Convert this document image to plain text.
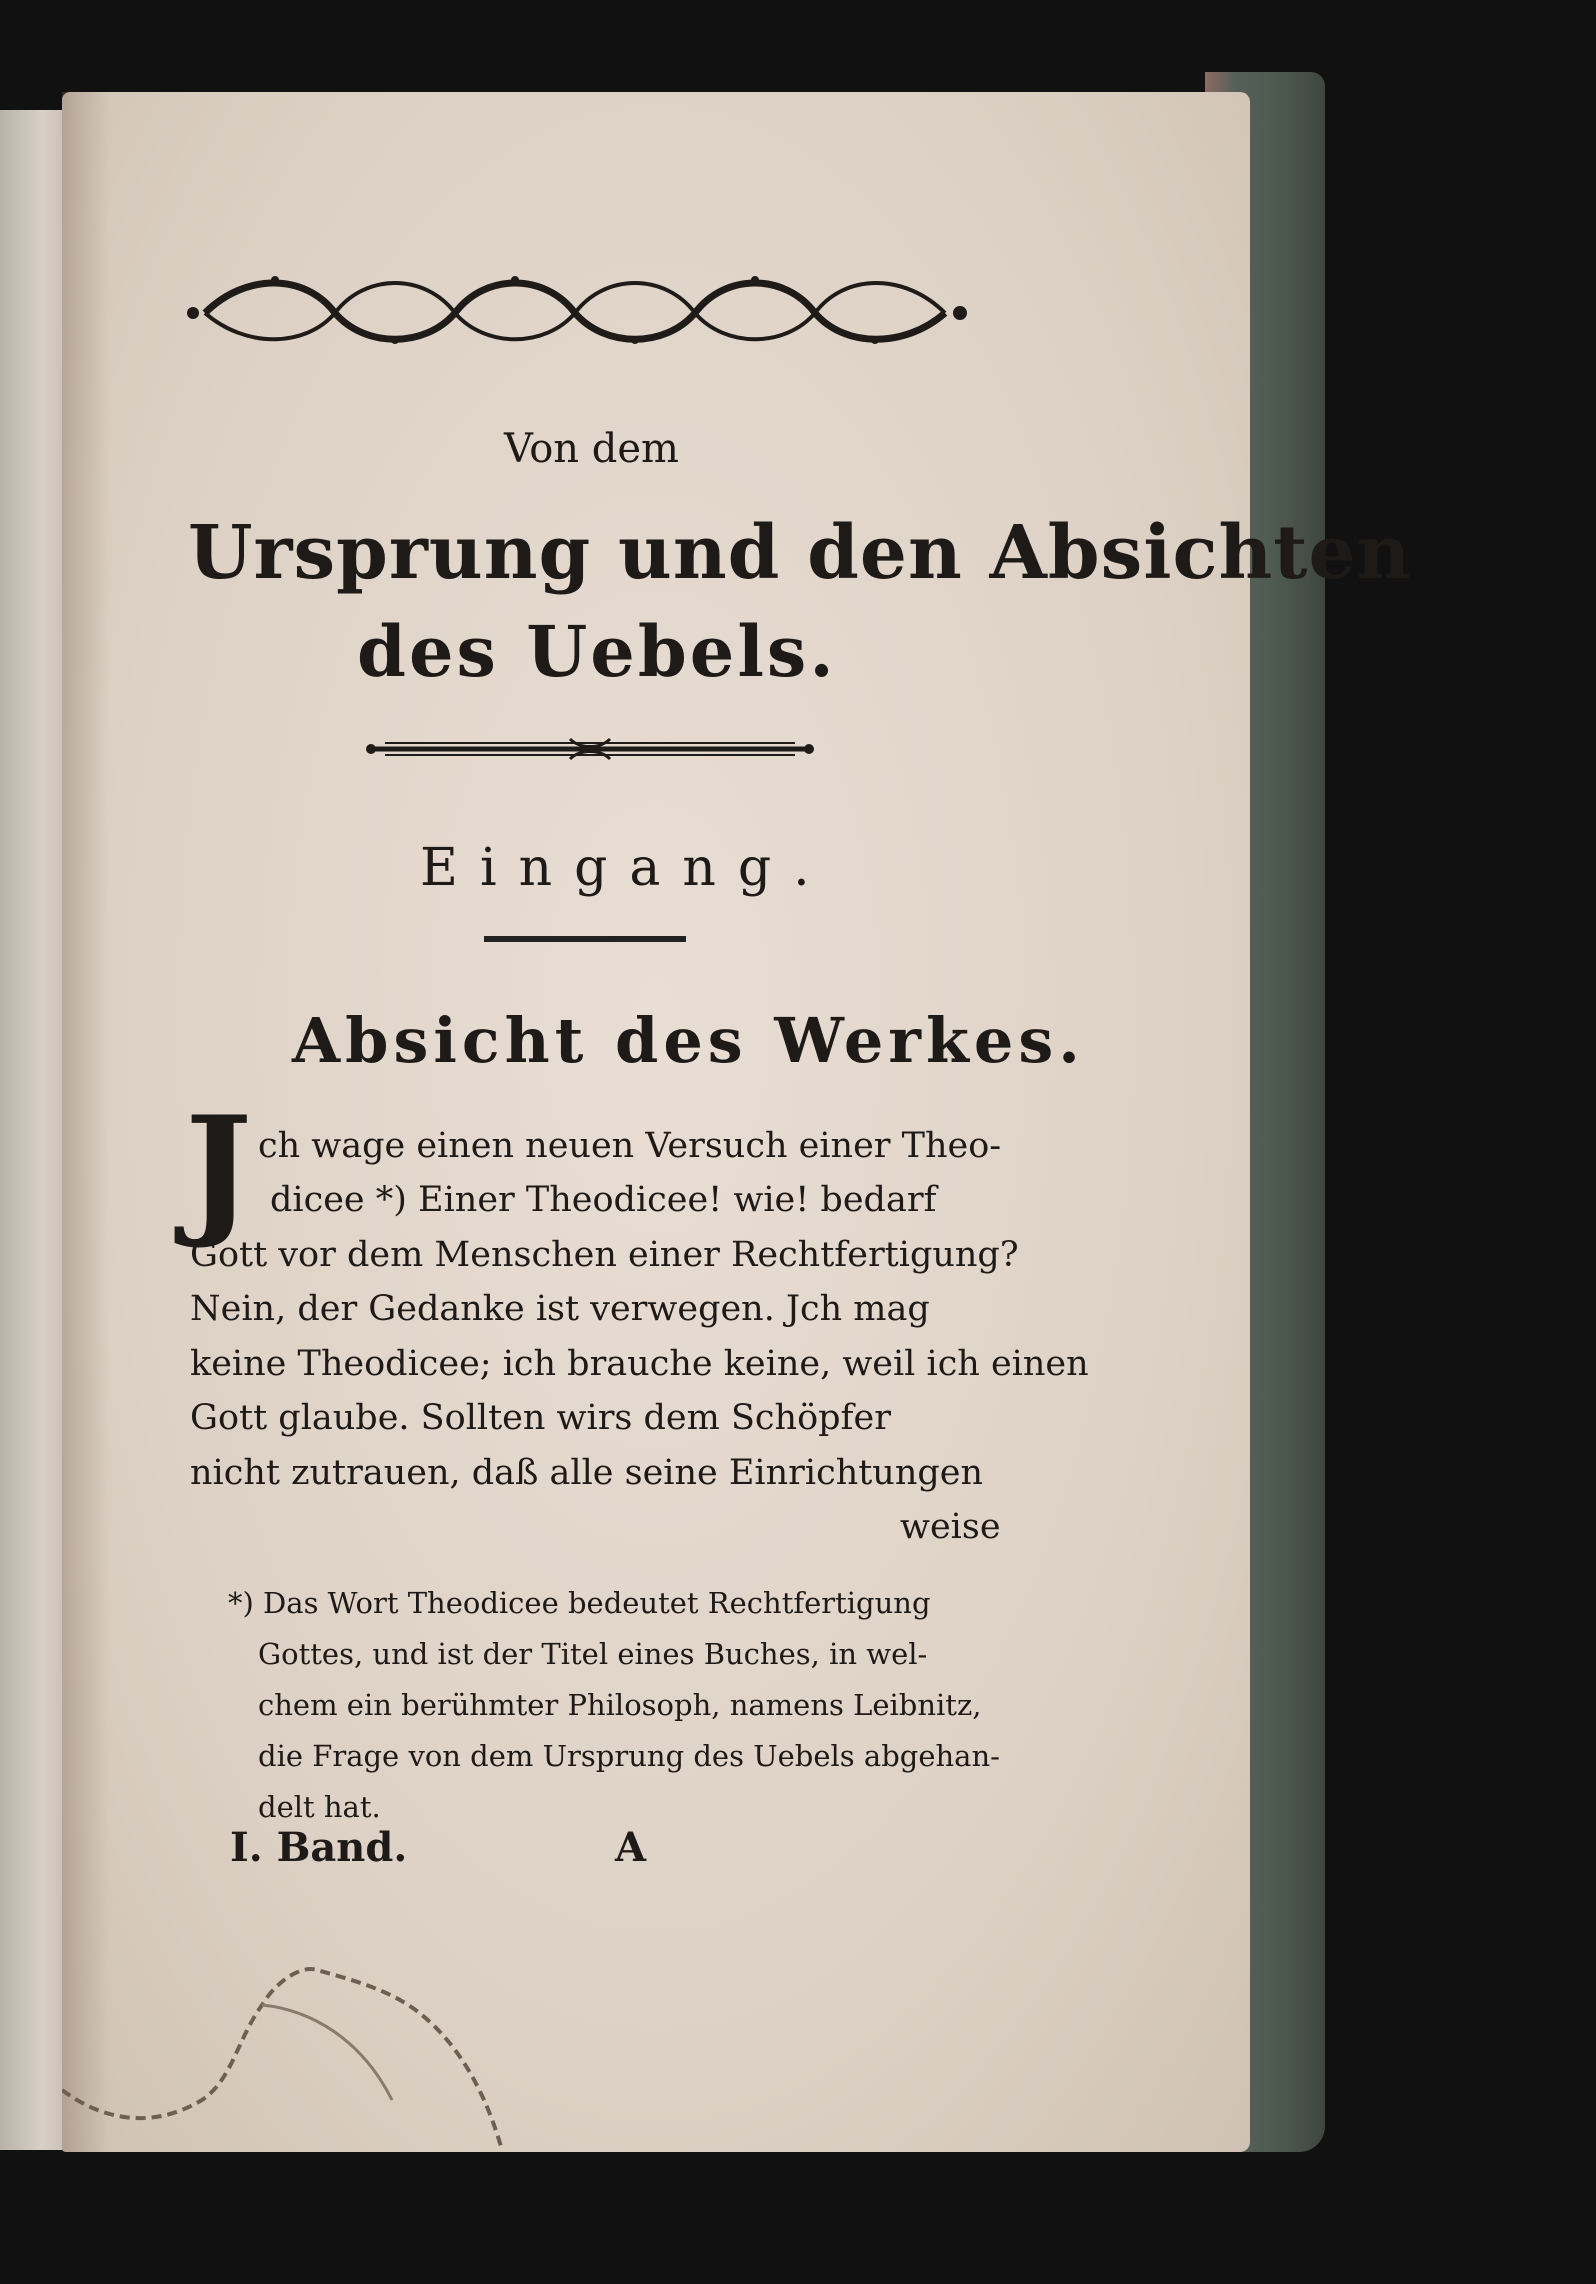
Von dem
Ursprung und den Absichten
des Uebels.
Eingang.
Absicht des Werkes.
J ch wage einen neuen Versuch einer Theo-
dicee *) Einer Theodicee! wie! bedarf
Gott vor dem Menschen einer Rechtfertigung?
Nein, der Gedanke ist verwegen. Jch mag
keine Theodicee; ich brauche keine, weil ich einen
Gott glaube. Sollten wirs dem Schöpfer
nicht zutrauen, daß alle seine Einrichtungen
weise
*) Das Wort Theodicee bedeutet Rechtfertigung
Gottes, und ist der Titel eines Buches, in wel-
chem ein berühmter Philosoph, namens Leibnitz,
die Frage von dem Ursprung des Uebels abgehan-
delt hat.
I. Band.	A
